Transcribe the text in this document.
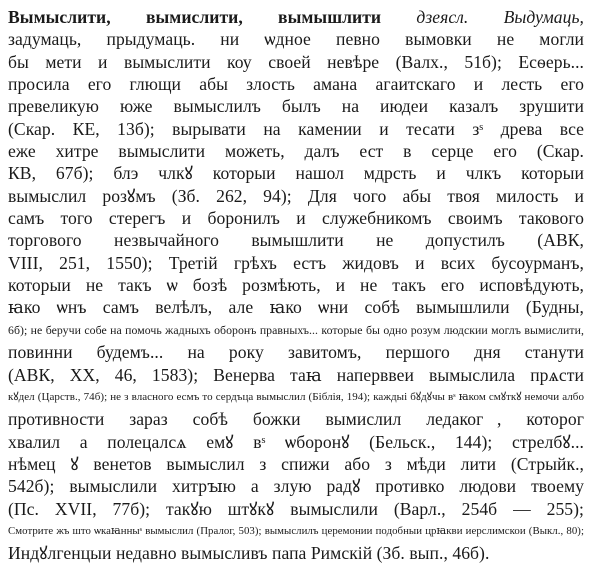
Вымыслити, вымислити, вымышлити дзеясл. Выдумаць,
задумаць, прыдумаць. ни ѡдное певно вымовки не могли
бы мети и вымыслити коу своей невѣре (Валх., 51б); Есѳерь...
просила его глющи абы злость амана агаитскаго и лесть его
превеликую юже вымыслилъ былъ на июдеи казалъ зрушити
(Скар. КЕ, 13б); вырывати на камении и тесати зˢ древа все
еже хитре вымыслити можеть, далъ ест в серце его (Скар.
КВ, 67б); блэ члкꙋ которыи нашол мдрсть и члкъ которыи
вымыслил розꙋмъ (Зб. 262, 94); Для чого абы твоя милость и
самъ того стерегъ и боронилъ и служебникомъ своимъ такового
торгового незвычайного вымышлити не допустилъ (АВК,
VIII, 251, 1550); Третій грѣхъ естъ жидовъ и всих бусоурманъ,
которыи не такъ ѡ бозѣ розмѣють, и не такъ его исповѣдують,
ꙗко ѡнъ самъ велѣлъ, але ꙗко ѡни собѣ вымышлили (Будны,
6б); не беручи собе на помочь жадныхъ оборонъ правныхъ... которые бы одно розум людскии моглъ вымислити,
повинни будемъ... на року завитомъ, першого дня станути
(АВК, XX, 46, 1583); Венерва таꙗ наперввеи вымыслила прѧсти
кꙋдел (Царств., 74б); не з власного есмъ то сердъца вымыслил (Біблія, 194); каждыі бꙋдꙋчы вˢ ꙗком смꙋткꙋ немочи албо
противности зараз собѣ божки вымислил ледакогꙻ, которог
хвалил а полецалсѧ емꙋ вˢ ѡборонꙋ (Бельск., 144); стрелбꙋ...
нѣмец ꙋ венетов вымыслил з спижи або з мѣди лити (Стрыйк.,
542б); вымыслили хитрꙑю а злую радꙋ противко людови твоему
(Пс. XVII, 77б); такꙋю штꙋкꙋ вымыслили (Варл., 254б — 255);
Смотрите жъ што ѡкаꙗнныˢ вымыслил (Пралог, 503); вымыслилъ церемонии подобныи црꙗкви иерслимскои (Выкл., 80);
Индꙋлгенцыи недавно вымысливъ папа Римскій (Зб. вып., 46б).
